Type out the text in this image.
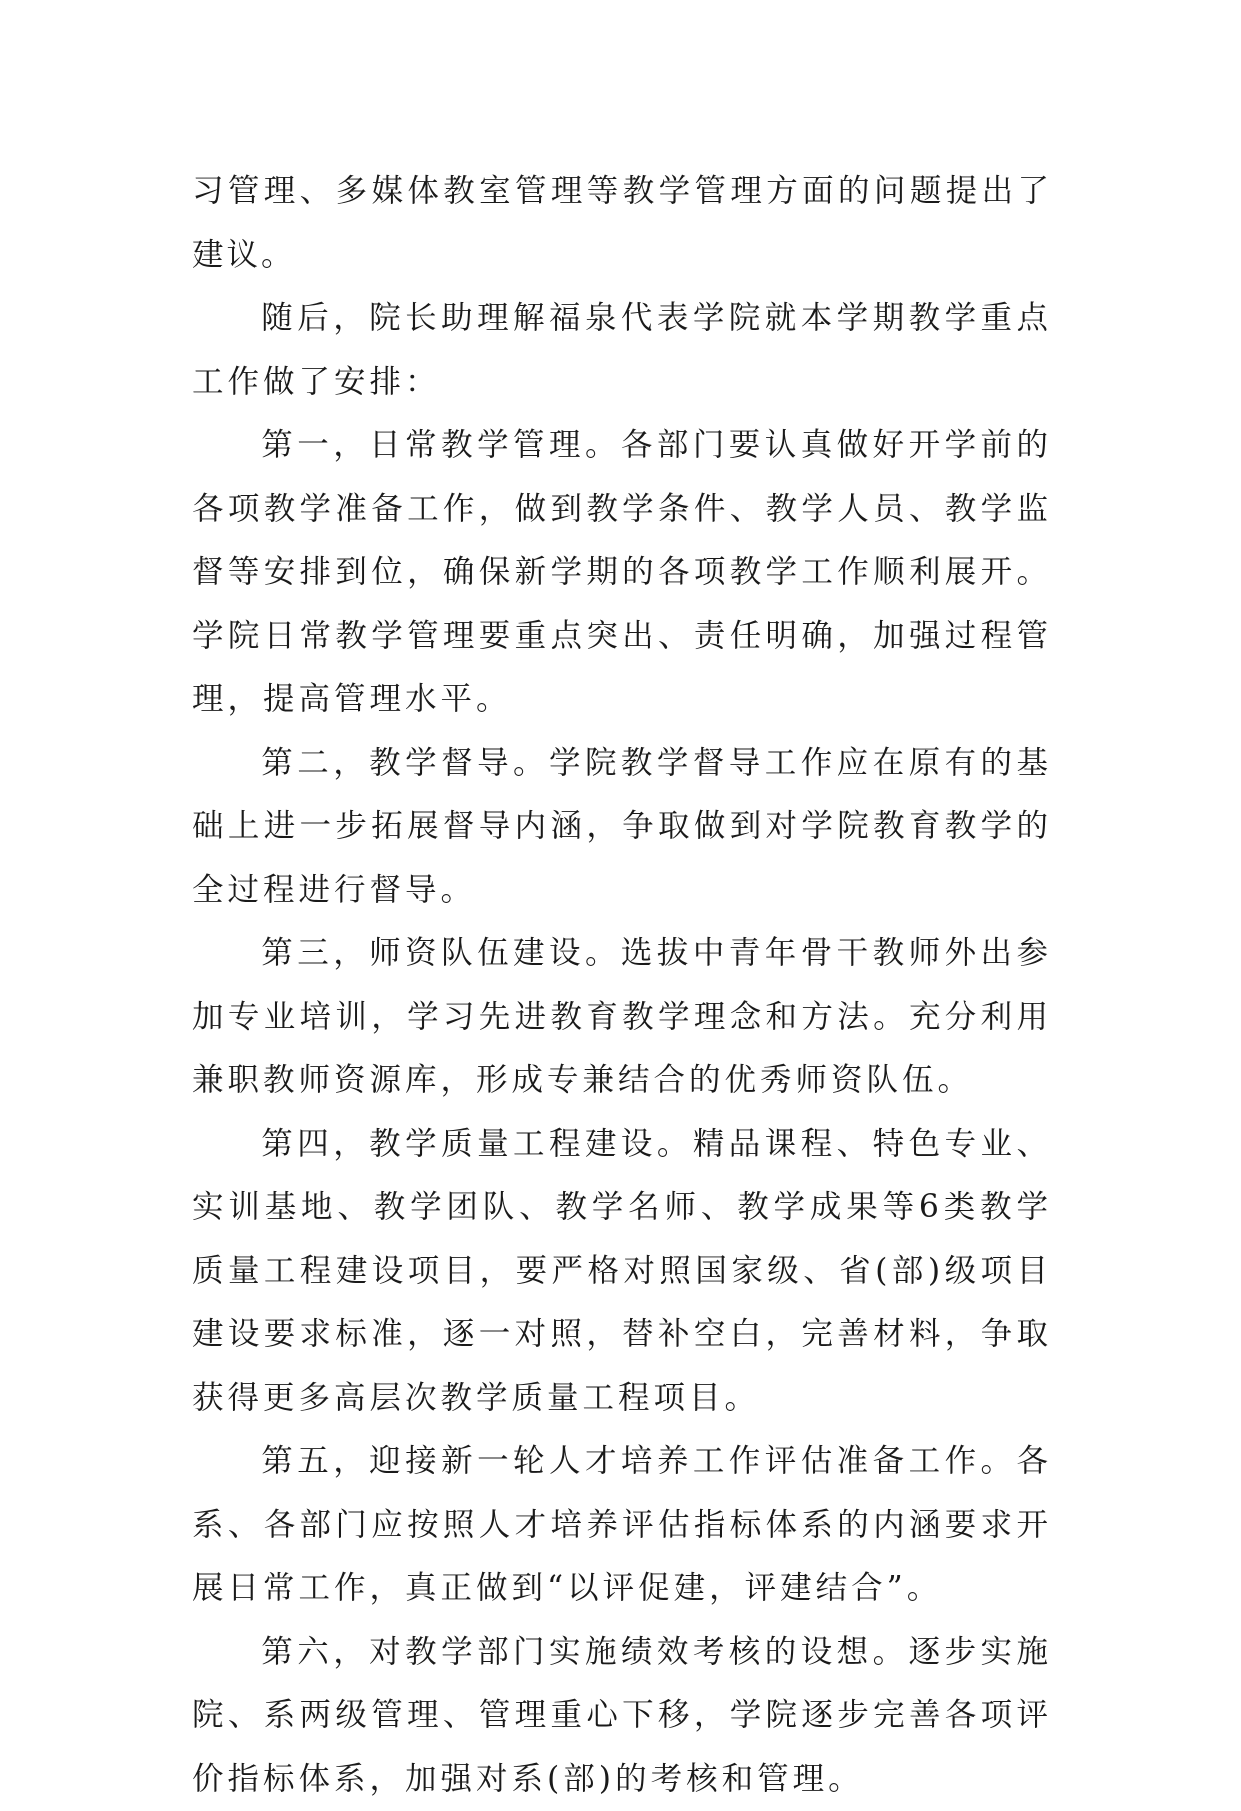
习管理、多媒体教室管理等教学管理方面的问题提出了建议。

随后，院长助理解福泉代表学院就本学期教学重点工作做了安排：

第一，日常教学管理。各部门要认真做好开学前的各项教学准备工作，做到教学条件、教学人员、教学监督等安排到位，确保新学期的各项教学工作顺利展开。学院日常教学管理要重点突出、责任明确，加强过程管理，提高管理水平。

第二，教学督导。学院教学督导工作应在原有的基础上进一步拓展督导内涵，争取做到对学院教育教学的全过程进行督导。

第三，师资队伍建设。选拔中青年骨干教师外出参加专业培训，学习先进教育教学理念和方法。充分利用兼职教师资源库，形成专兼结合的优秀师资队伍。

第四，教学质量工程建设。精品课程、特色专业、实训基地、教学团队、教学名师、教学成果等6类教学质量工程建设项目，要严格对照国家级、省(部)级项目建设要求标准，逐一对照，替补空白，完善材料，争取获得更多高层次教学质量工程项目。

第五，迎接新一轮人才培养工作评估准备工作。各系、各部门应按照人才培养评估指标体系的内涵要求开展日常工作，真正做到“以评促建，评建结合”。

第六，对教学部门实施绩效考核的设想。逐步实施院、系两级管理、管理重心下移，学院逐步完善各项评价指标体系，加强对系(部)的考核和管理。
